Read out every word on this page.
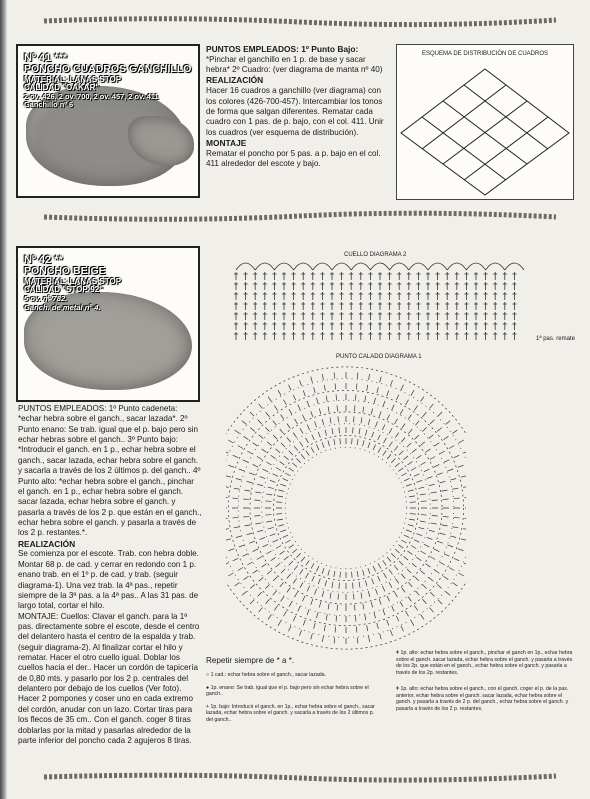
Nº 41 ***
PONCHO CUADROS GANCHILLO
MATERIAL: LANAS STOP
CALIDAD "OAKAR"
2 ov. 426, 2 ov. 700, 2 ov. 457, 2 ov. 411
Ganchillo nº 6
PUNTOS EMPLEADOS: 1º Punto Bajo:
*Pinchar el ganchillo en 1 p. de base y sacar hebra* 2º Cuadro: (ver diagrama de manta nº 40)
REALIZACIÓN
Hacer 16 cuadros a ganchillo (ver diagrama) con los colores (426-700-457). Intercambiar los tonos de forma que salgan diferentes. Rematar cada cuadro con 1 pas. de p. bajo, con el col. 411. Unir los cuadros (ver esquema de distribución).
MONTAJE
Rematar el poncho por 5 pas. a p. bajo en el col. 411 alrededor del escote y bajo.
ESQUEMA DE DISTRIBUCIÓN DE CUADROS
Nº 42 **
PONCHO BEIGE
MATERIAL: LANAS STOP
CALIDAD "STOP-92"
5 ov. nº 782.
Ganch. de metal nº 4.
PUNTOS EMPLEADOS: 1º Punto cadeneta: *echar hebra sobre el ganch., sacar lazada*. 2º Punto enano: Se trab. igual que el p. bajo pero sin echar hebras sobre el ganch.. 3º Punto bajo: *Introducir el ganch. en 1 p., echar hebra sobre el ganch., sacar lazada, echar hebra sobre el ganch. y sacarla a través de los 2 últimos p. del ganch.. 4º Punto alto: *echar hebra sobre el ganch., pinchar el ganch. en 1 p., echar hebra sobre el ganch. sacar lazada, echar hebra sobre el ganch. y pasarla a través de los 2 p. que están en el ganch., echar hebra sobre el ganch. y pasarla a través de los 2 p. restantes.*.
REALIZACIÓN
Se comienza por el escote. Trab. con hebra doble. Montar 68 p. de cad. y cerrar en redondo con 1 p. enano trab. en el 1º p. de cad. y trab. (seguir diagrama-1). Una vez trab. la 4ª pas., repetir siempre de la 3ª pas. a la 4ª pas.. A las 31 pas. de largo total, cortar el hilo.
MONTAJE: Cuellos: Clavar el ganch. para la 1ª pas. directamente sobre el escote, desde el centro del delantero hasta el centro de la espalda y trab. (seguir diagrama-2). Al finalizar cortar el hilo y rematar. Hacer el otro cuello igual. Doblar los cuellos hacia el der.. Hacer un cordón de tapicería de 0,80 mts. y pasarlo por los 2 p. centrales del delantero por debajo de los cuellos (Ver foto). Hacer 2 pompones y coser uno en cada extremo del cordón, anudar con un lazo. Cortar tiras para los flecos de 35 cm.. Con el ganch. coger 8 tiras doblarlas por la mitad y pasarlas alrededor de la parte inferior del poncho cada 2 agujeros 8 tiras.
CUELLO DIAGRAMA 2
1ª pas. remate
PUNTO CALADO DIAGRAMA 1
Repetir siempre de * a *.
○ 1 cad.: echar hebra sobre el ganch., sacar lazada.
● 1p. enano: Se trab. igual que el p. bajo pero sin echar hebra sobre el ganch..
+ 1p. bajo: Introducir el ganch. en 1p., echar hebra sobre el ganch., sacar lazada, echar hebra sobre el ganch. y sacarla a través de los 2 últimos p. del ganch..
ǂ 1p. alto: echar hebra sobre el ganch., pinchar el ganch en 1p., echar hebra sobre el ganch. sacar lazada, echar hebra sobre el ganch. y pasarla a través de los 2p. que están en el ganch., echar hebra sobre el ganch. y pasarla a través de los 2p. restantes.
ǂ 1p. alto: echar hebra sobre el ganch., con el ganch. coger el p. de la pas. anterior, echar hebra sobre el ganch. sacar lazada, echar hebra sobre el ganch. y pasarla a través de 2 p. del ganch., echar hebra sobre el ganch. y pasarla a través de los 2 p. restantes.
